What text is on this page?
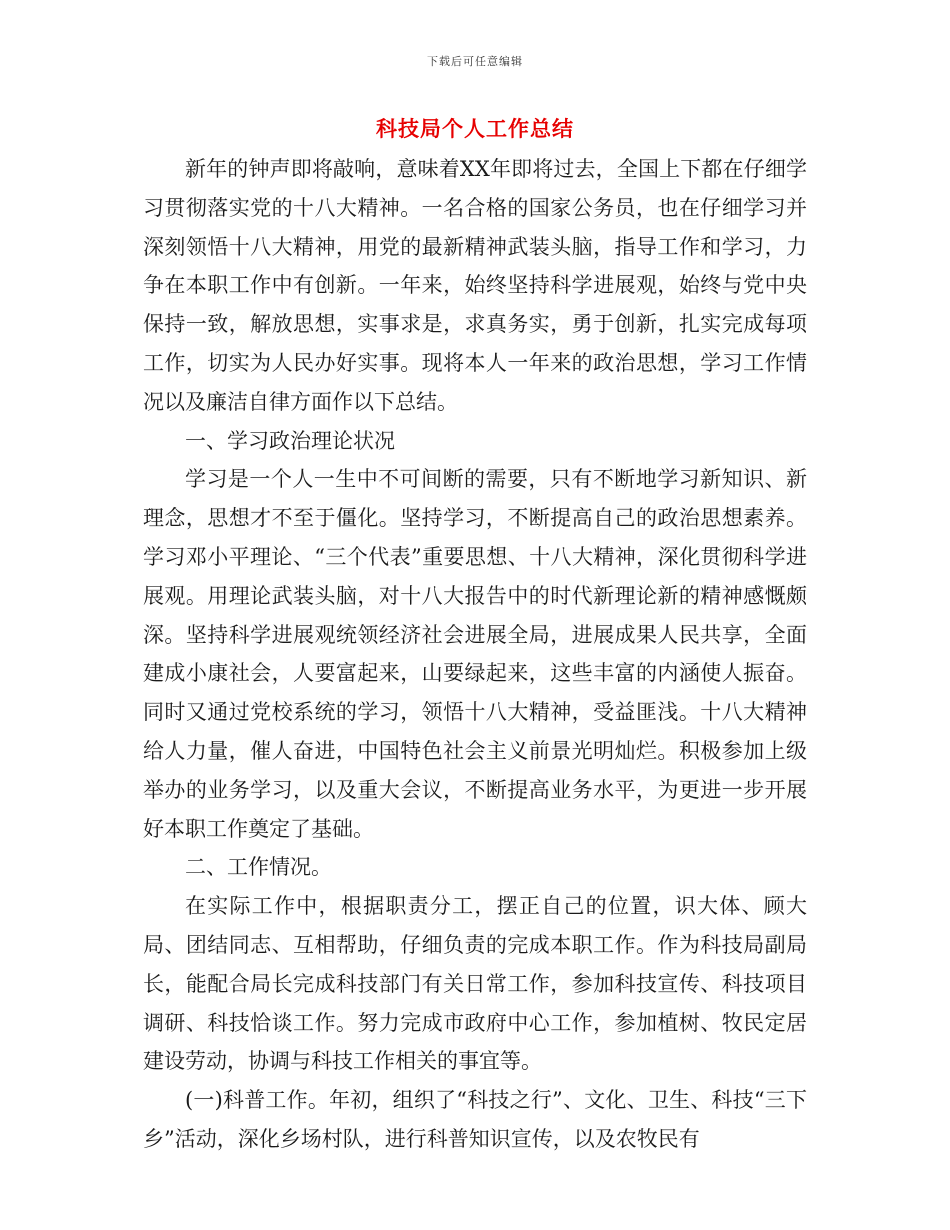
下载后可任意编辑
科技局个人工作总结

新年的钟声即将敲响，意味着XX年即将过去，全国上下都在仔细学习贯彻落实党的十八大精神。一名合格的国家公务员，也在仔细学习并深刻领悟十八大精神，用党的最新精神武装头脑，指导工作和学习，力争在本职工作中有创新。一年来，始终坚持科学进展观，始终与党中央保持一致，解放思想，实事求是，求真务实，勇于创新，扎实完成每项工作，切实为人民办好实事。现将本人一年来的政治思想，学习工作情况以及廉洁自律方面作以下总结。

一、学习政治理论状况

学习是一个人一生中不可间断的需要，只有不断地学习新知识、新理念，思想才不至于僵化。坚持学习，不断提高自己的政治思想素养。学习邓小平理论、“三个代表”重要思想、十八大精神，深化贯彻科学进展观。用理论武装头脑，对十八大报告中的时代新理论新的精神感慨颇深。坚持科学进展观统领经济社会进展全局，进展成果人民共享，全面建成小康社会，人要富起来，山要绿起来，这些丰富的内涵使人振奋。同时又通过党校系统的学习，领悟十八大精神，受益匪浅。十八大精神给人力量，催人奋进，中国特色社会主义前景光明灿烂。积极参加上级举办的业务学习，以及重大会议，不断提高业务水平，为更进一步开展好本职工作奠定了基础。

二、工作情况。

在实际工作中，根据职责分工，摆正自己的位置，识大体、顾大局、团结同志、互相帮助，仔细负责的完成本职工作。作为科技局副局长，能配合局长完成科技部门有关日常工作，参加科技宣传、科技项目调研、科技恰谈工作。努力完成市政府中心工作，参加植树、牧民定居建设劳动，协调与科技工作相关的事宜等。

(一)科普工作。年初，组织了“科技之行”、文化、卫生、科技“三下乡”活动，深化乡场村队，进行科普知识宣传，以及农牧民有
